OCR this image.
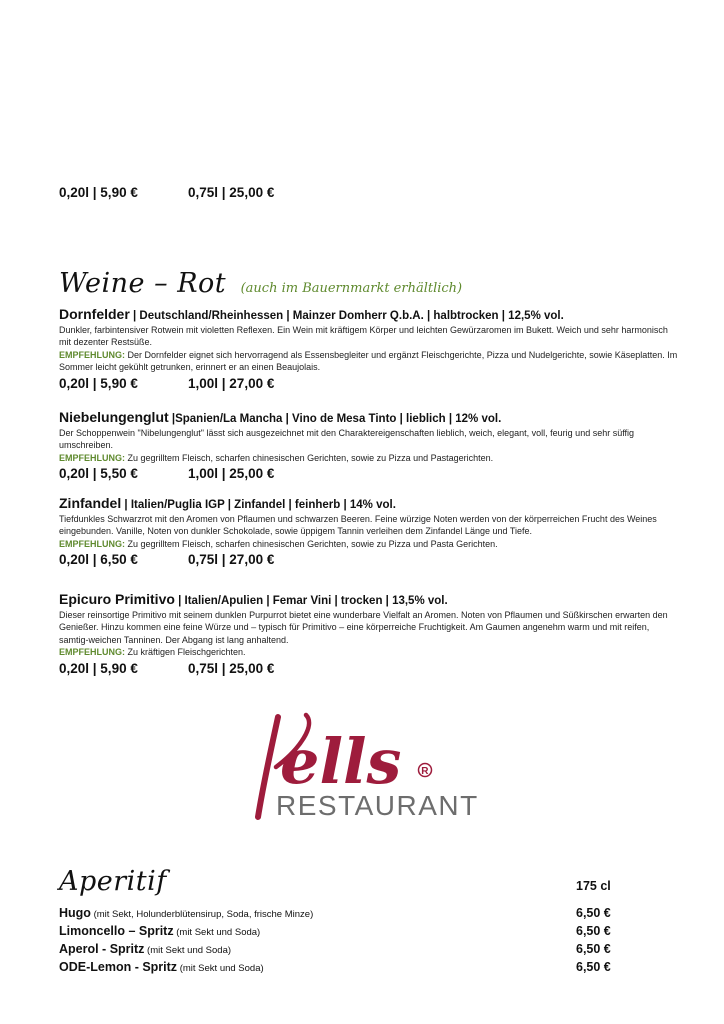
0,20l | 5,90 €	0,75l | 25,00 €
Weine – Rot (auch im Bauernmarkt erhältlich)
Dornfelder | Deutschland/Rheinhessen | Mainzer Domherr Q.b.A. | halbtrocken | 12,5% vol.
Dunkler, farbintensiver Rotwein mit violetten Reflexen. Ein Wein mit kräftigem Körper und leichten Gewürzaromen im Bukett. Weich und sehr harmonisch mit dezenter Restsüße.
EMPFEHLUNG: Der Dornfelder eignet sich hervorragend als Essensbegleiter und ergänzt Fleischgerichte, Pizza und Nudelgerichte, sowie Käseplatten. Im Sommer leicht gekühlt getrunken, erinnert er an einen Beaujolais.
0,20l | 5,90 €	1,00l | 27,00 €
Niebelungenglut |Spanien/La Mancha | Vino de Mesa Tinto | lieblich | 12% vol.
Der Schoppenwein "Nibelungenglut" lässt sich ausgezeichnet mit den Charaktereigenschaften lieblich, weich, elegant, voll, feurig und sehr süffig umschreiben.
EMPFEHLUNG: Zu gegrilltem Fleisch, scharfen chinesischen Gerichten, sowie zu Pizza und Pastagerichten.
0,20l | 5,50 €	1,00l | 25,00 €
Zinfandel | Italien/Puglia IGP | Zinfandel | feinherb | 14% vol.
Tiefdunkles Schwarzrot mit den Aromen von Pflaumen und schwarzen Beeren. Feine würzige Noten werden von der körperreichen Frucht des Weines eingebunden. Vanille, Noten von dunkler Schokolade, sowie üppigem Tannin verleihen dem Zinfandel Länge und Tiefe.
EMPFEHLUNG: Zu gegrilltem Fleisch, scharfen chinesischen Gerichten, sowie zu Pizza und Pasta Gerichten.
0,20l | 6,50 €	0,75l | 27,00 €
Epicuro Primitivo | Italien/Apulien | Femar Vini | trocken | 13,5% vol.
Dieser reinsortige Primitivo mit seinem dunklen Purpurrot bietet eine wunderbare Vielfalt an Aromen. Noten von Pflaumen und Süßkirschen erwarten den Genießer. Hinzu kommen eine feine Würze und – typisch für Primitivo – eine körperreiche Fruchtigkeit. Am Gaumen angenehm warm und mit reifen, samtig-weichen Tanninen. Der Abgang ist lang anhaltend.
EMPFEHLUNG: Zu kräftigen Fleischgerichten.
0,20l | 5,90 €	0,75l | 25,00 €
ells R
RESTAURANT
Aperitif	175 cl
Hugo (mit Sekt, Holunderblütensirup, Soda, frische Minze)	6,50 €
Limoncello – Spritz (mit Sekt und Soda)	6,50 €
Aperol - Spritz (mit Sekt und Soda)	6,50 €
ODE-Lemon - Spritz (mit Sekt und Soda)	6,50 €
